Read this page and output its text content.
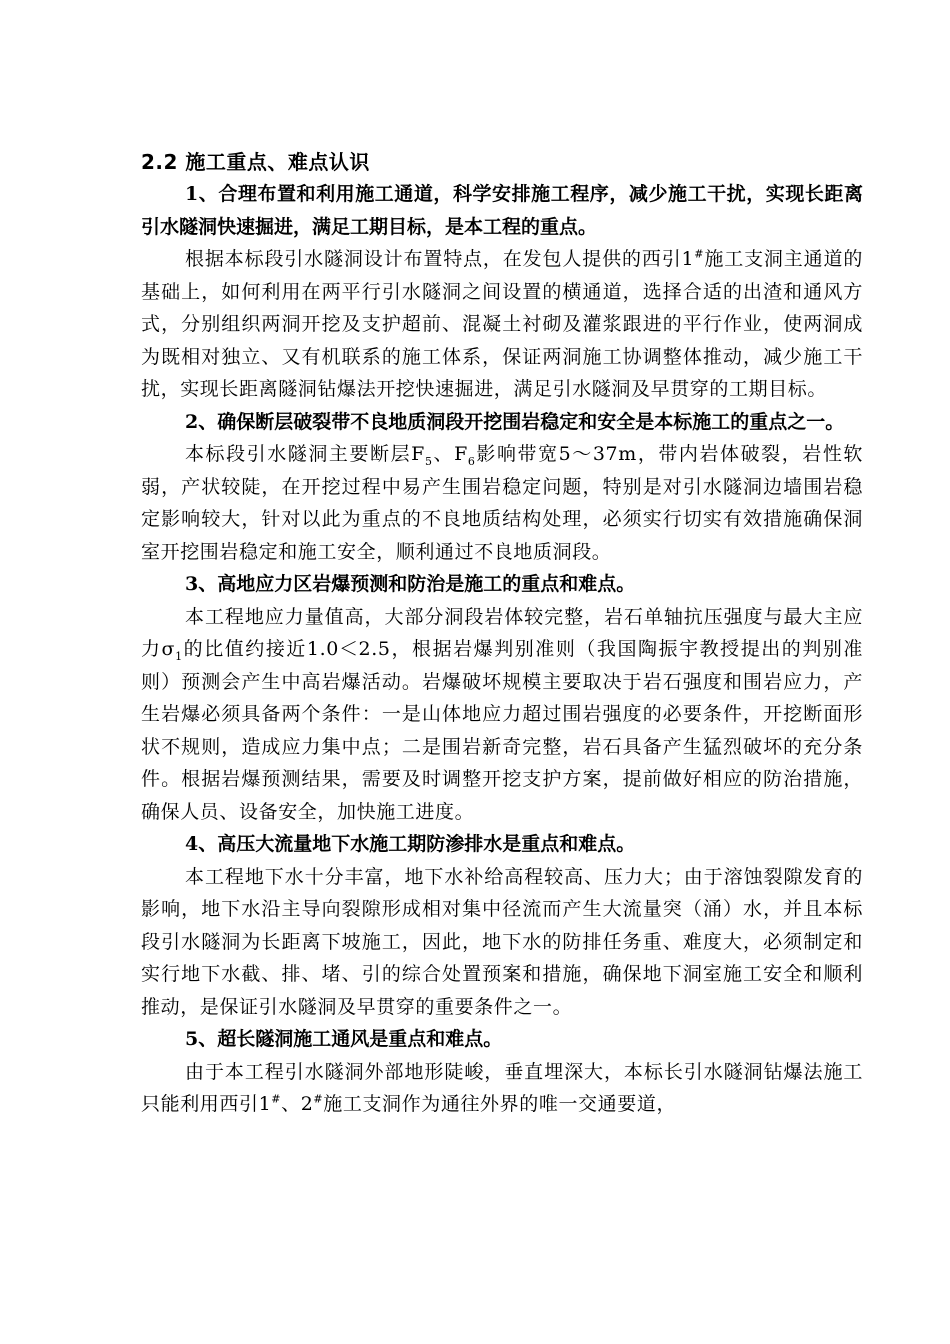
2.2 施工重点、难点认识

1、合理布置和利用施工通道，科学安排施工程序，减少施工干扰，实现长距离引水隧洞快速掘进，满足工期目标，是本工程的重点。

根据本标段引水隧洞设计布置特点，在发包人提供的西引1#施工支洞主通道的基础上，如何利用在两平行引水隧洞之间设置的横通道，选择合适的出渣和通风方式，分别组织两洞开挖及支护超前、混凝土衬砌及灌浆跟进的平行作业，使两洞成为既相对独立、又有机联系的施工体系，保证两洞施工协调整体推动，减少施工干扰，实现长距离隧洞钻爆法开挖快速掘进，满足引水隧洞及早贯穿的工期目标。

2、确保断层破裂带不良地质洞段开挖围岩稳定和安全是本标施工的重点之一。

本标段引水隧洞主要断层$F_5$、$F_6$影响带宽5～37m，带内岩体破裂，岩性软弱，产状较陡，在开挖过程中易产生围岩稳定问题，特别是对引水隧洞边墙围岩稳定影响较大，针对以此为重点的不良地质结构处理，必须实行切实有效措施确保洞室开挖围岩稳定和施工安全，顺利通过不良地质洞段。

3、高地应力区岩爆预测和防治是施工的重点和难点。

本工程地应力量值高，大部分洞段岩体较完整，岩石单轴抗压强度与最大主应力$\sigma_1$的比值约接近1.0＜2.5，根据岩爆判别准则（我国陶振宇教授提出的判别准则）预测会产生中高岩爆活动。岩爆破坏规模主要取决于岩石强度和围岩应力，产生岩爆必须具备两个条件：一是山体地应力超过围岩强度的必要条件，开挖断面形状不规则，造成应力集中点；二是围岩新奇完整，岩石具备产生猛烈破坏的充分条件。根据岩爆预测结果，需要及时调整开挖支护方案，提前做好相应的防治措施，确保人员、设备安全，加快施工进度。

4、高压大流量地下水施工期防渗排水是重点和难点。

本工程地下水十分丰富，地下水补给高程较高、压力大；由于溶蚀裂隙发育的影响，地下水沿主导向裂隙形成相对集中径流而产生大流量突（涌）水，并且本标段引水隧洞为长距离下坡施工，因此，地下水的防排任务重、难度大，必须制定和实行地下水截、排、堵、引的综合处置预案和措施，确保地下洞室施工安全和顺利推动，是保证引水隧洞及早贯穿的重要条件之一。

5、超长隧洞施工通风是重点和难点。

由于本工程引水隧洞外部地形陡峻，垂直埋深大，本标长引水隧洞钻爆法施工只能利用西引1#、2#施工支洞作为通往外界的唯一交通要道，
